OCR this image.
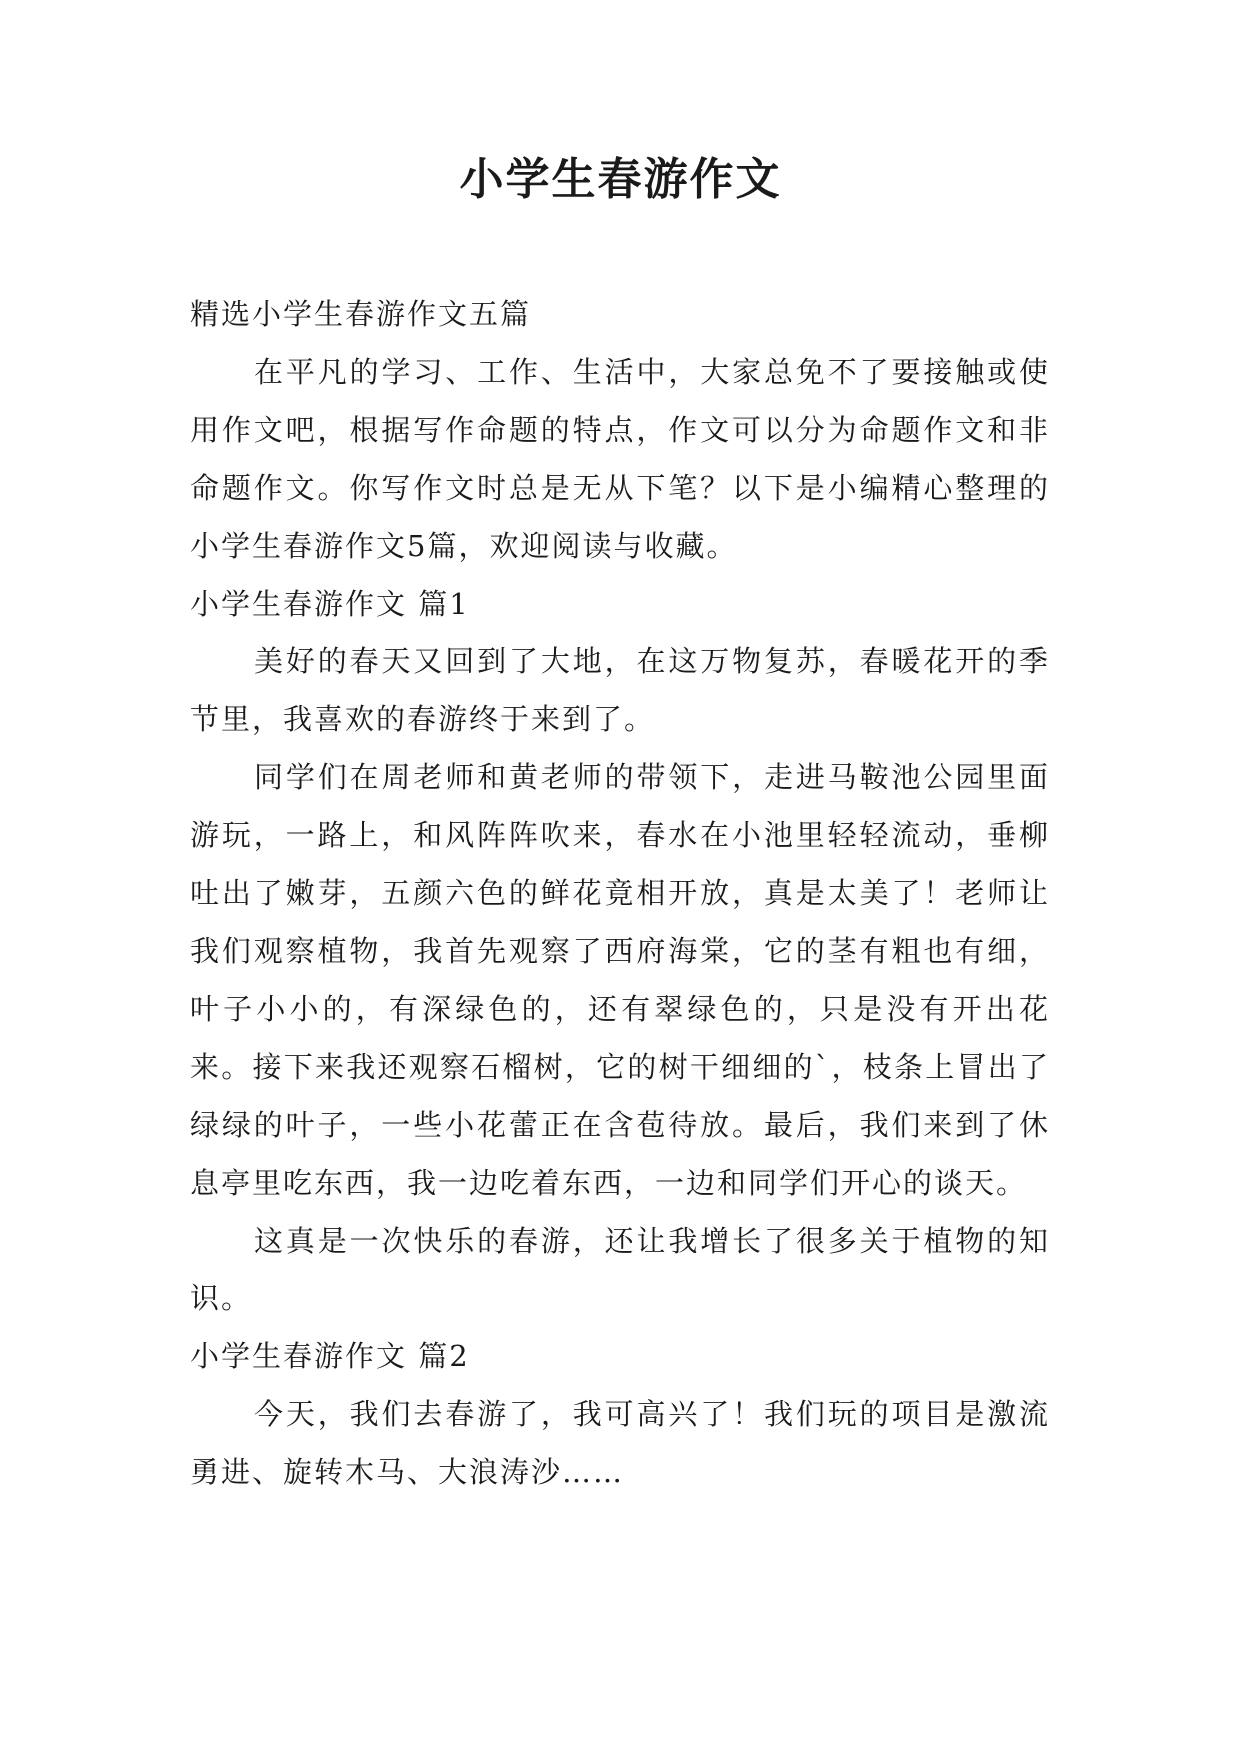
小学生春游作文

精选小学生春游作文五篇

在平凡的学习、工作、生活中，大家总免不了要接触或使用作文吧，根据写作命题的特点，作文可以分为命题作文和非命题作文。你写作文时总是无从下笔？以下是小编精心整理的小学生春游作文5篇，欢迎阅读与收藏。

小学生春游作文 篇1

美好的春天又回到了大地，在这万物复苏，春暖花开的季节里，我喜欢的春游终于来到了。

同学们在周老师和黄老师的带领下，走进马鞍池公园里面游玩，一路上，和风阵阵吹来，春水在小池里轻轻流动，垂柳吐出了嫩芽，五颜六色的鲜花竟相开放，真是太美了！老师让我们观察植物，我首先观察了西府海棠，它的茎有粗也有细，叶子小小的，有深绿色的，还有翠绿色的，只是没有开出花来。接下来我还观察石榴树，它的树干细细的`，枝条上冒出了绿绿的叶子，一些小花蕾正在含苞待放。最后，我们来到了休息亭里吃东西，我一边吃着东西，一边和同学们开心的谈天。

这真是一次快乐的春游，还让我增长了很多关于植物的知识。

小学生春游作文 篇2

今天，我们去春游了，我可高兴了！我们玩的项目是激流勇进、旋转木马、大浪涛沙……
